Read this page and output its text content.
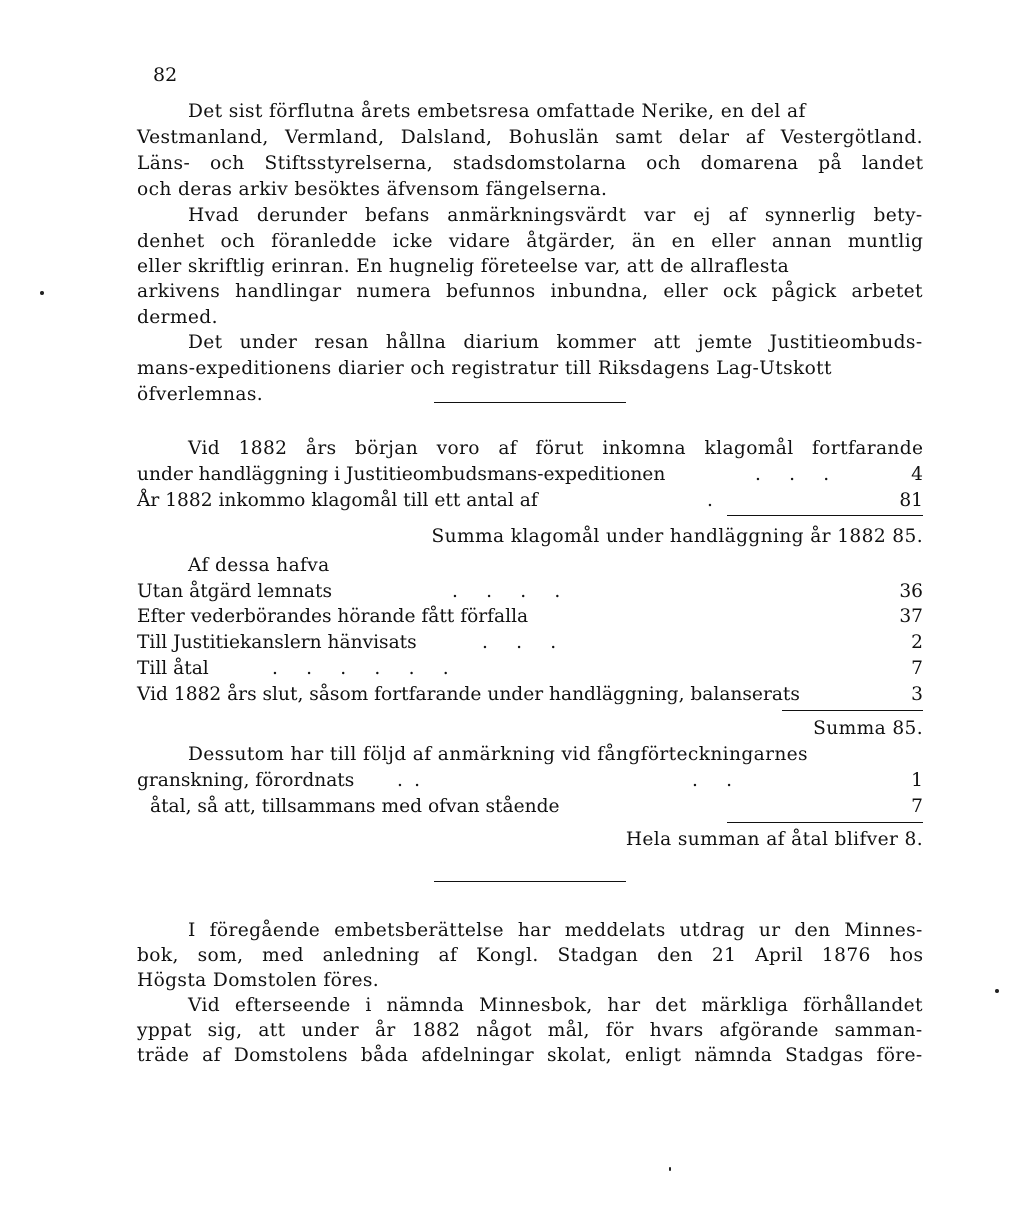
82
Det sist förflutna årets embetsresa omfattade Nerike, en del af
Vestmanland, Vermland, Dalsland, Bohuslän samt delar af Vestergötland.
Läns- och Stiftsstyrelserna, stadsdomstolarna och domarena på landet
och deras arkiv besöktes äfvensom fängelserna.
Hvad derunder befans anmärkningsvärdt var ej af synnerlig bety-
denhet och föranledde icke vidare åtgärder, än en eller annan muntlig
eller skriftlig erinran. En hugnelig företeelse var, att de allraflesta
arkivens handlingar numera befunnos inbundna, eller ock pågick arbetet
dermed.
Det under resan hållna diarium kommer att jemte Justitieombuds-
mans-expeditionens diarier och registratur till Riksdagens Lag-Utskott
öfverlemnas.
Vid 1882 års början voro af förut inkomna klagomål fortfarande
under handläggning i Justitieombudsmans-expeditionen	. . .	4
År 1882 inkommo klagomål till ett antal af	.	81
Summa klagomål under handläggning år 1882 85.
Af dessa hafva
Utan åtgärd lemnats	. . . .	36
Efter vederbörandes hörande fått förfalla	37
Till Justitiekanslern hänvisats	. . .	2
Till åtal	. . . . . .	7
Vid 1882 års slut, såsom fortfarande under handläggning, balanserats	3
Summa 85.
Dessutom har till följd af anmärkning vid fångförteckningarnes
granskning, förordnats ..	. .	1
åtal, så att, tillsammans med ofvan stående	7
Hela summan af åtal blifver 8.
I föregående embetsberättelse har meddelats utdrag ur den Minnes-
bok, som, med anledning af Kongl. Stadgan den 21 April 1876 hos
Högsta Domstolen föres.
Vid efterseende i nämnda Minnesbok, har det märkliga förhållandet
yppat sig, att under år 1882 något mål, för hvars afgörande samman-
träde af Domstolens båda afdelningar skolat, enligt nämnda Stadgas före-
